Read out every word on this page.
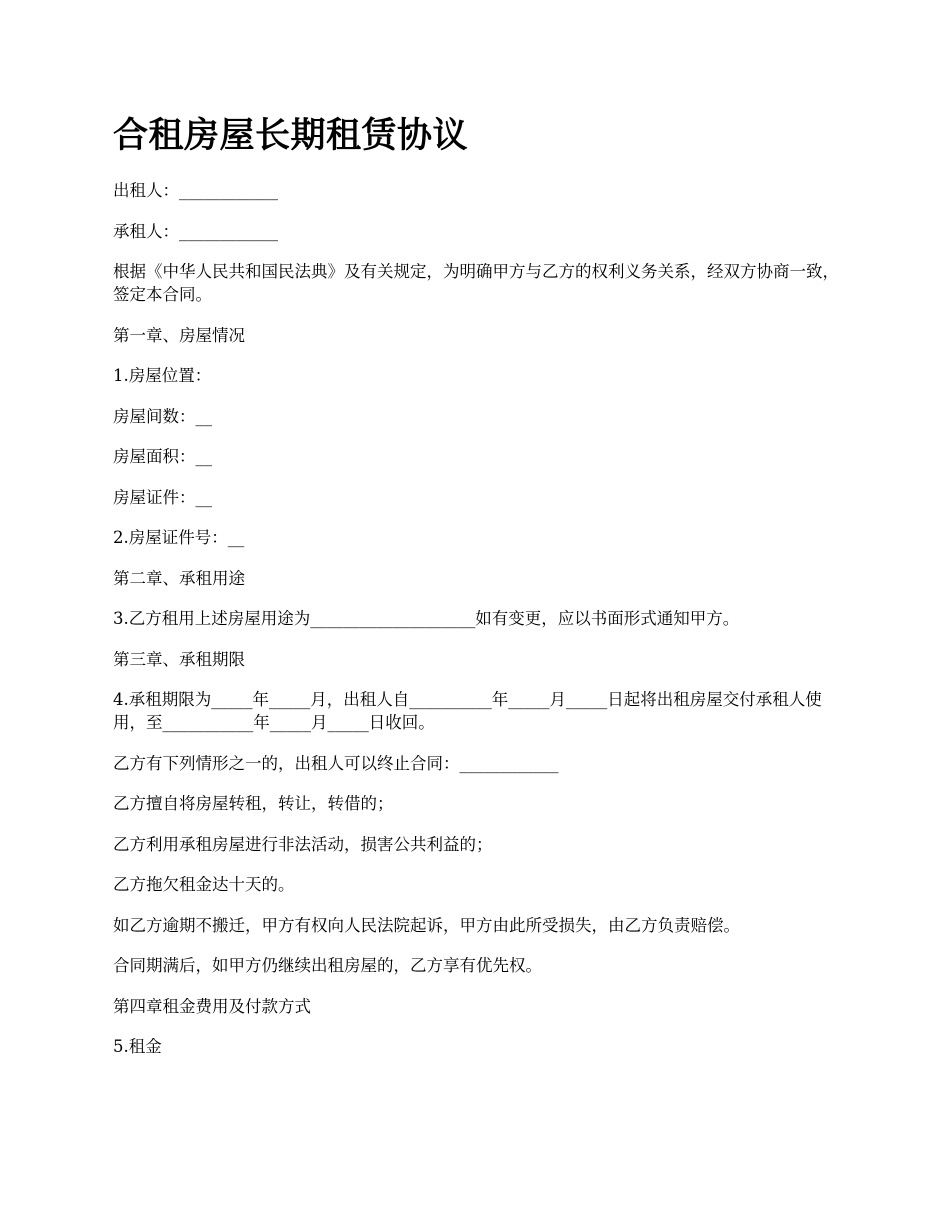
合租房屋长期租赁协议

出租人：____________

承租人：____________

根据《中华人民共和国民法典》及有关规定，为明确甲方与乙方的权利义务关系，经双方协商一致，签定本合同。

第一章、房屋情况

1.房屋位置：

房屋间数：__

房屋面积：__

房屋证件：__

2.房屋证件号：__

第二章、承租用途

3.乙方租用上述房屋用途为____________________如有变更，应以书面形式通知甲方。

第三章、承租期限

4.承租期限为_____年_____月，出租人自__________年_____月_____日起将出租房屋交付承租人使用，至___________年_____月_____日收回。

乙方有下列情形之一的，出租人可以终止合同：____________

乙方擅自将房屋转租，转让，转借的；

乙方利用承租房屋进行非法活动，损害公共利益的；

乙方拖欠租金达十天的。

如乙方逾期不搬迁，甲方有权向人民法院起诉，甲方由此所受损失，由乙方负责赔偿。

合同期满后，如甲方仍继续出租房屋的，乙方享有优先权。

第四章租金费用及付款方式

5.租金
